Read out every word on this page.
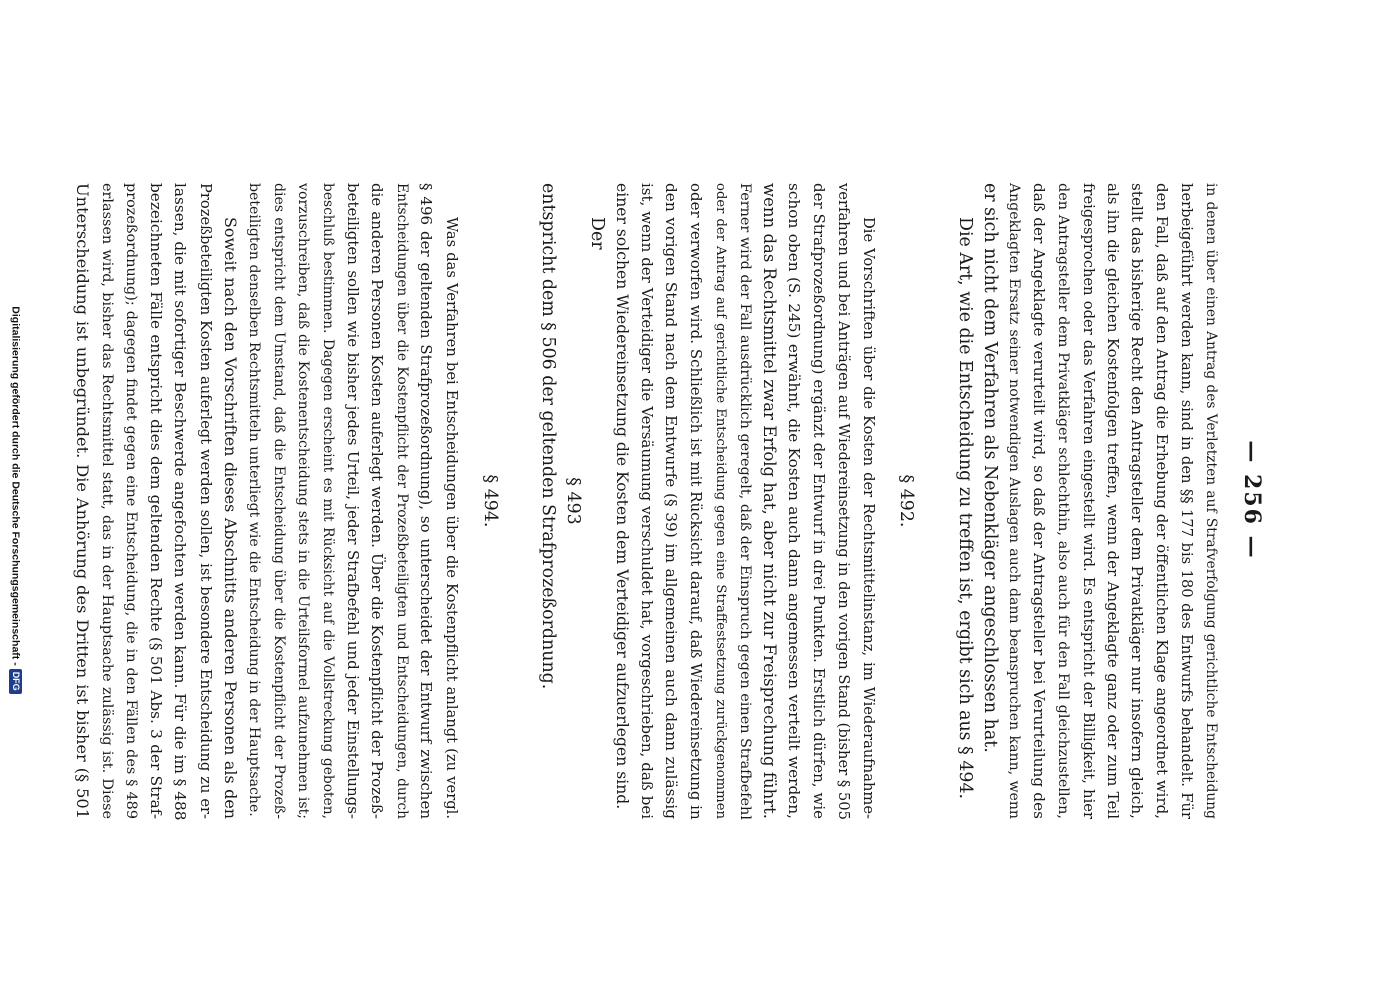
— 256 —
in denen über einen Antrag des Verletzten auf Strafverfolgung gerichtliche Entscheidung
herbeigeführt werden kann, sind in den §§ 177 bis 180 des Entwurfs behandelt. Für
den Fall, daß auf den Antrag die Erhebung der öffentlichen Klage angeordnet wird,
stellt das bisherige Recht den Antragsteller dem Privatkläger nur insofern gleich,
als ihn die gleichen Kostenfolgen treffen, wenn der Angeklagte ganz oder zum Teil
freigesprochen oder das Verfahren eingestellt wird. Es entspricht der Billigkeit, hier
den Antragsteller dem Privatkläger schlechthin, also auch für den Fall gleichzustellen,
daß der Angeklagte verurteilt wird, so daß der Antragsteller bei Verurteilung des
Angeklagten Ersatz seiner notwendigen Auslagen auch dann beanspruchen kann, wenn
er sich nicht dem Verfahren als Nebenkläger angeschlossen hat.
Die Art, wie die Entscheidung zu treffen ist, ergibt sich aus § 494.
§ 492.
Die Vorschriften über die Kosten der Rechtsmittelinstanz, im Wiederaufnahme-
verfahren und bei Anträgen auf Wiedereinsetzung in den vorigen Stand (bisher § 505
der Strafprozeßordnung) ergänzt der Entwurf in drei Punkten. Erstlich dürfen, wie
schon oben (S. 245) erwähnt, die Kosten auch dann angemessen verteilt werden,
wenn das Rechtsmittel zwar Erfolg hat, aber nicht zur Freisprechung führt.
Ferner wird der Fall ausdrücklich geregelt, daß der Einspruch gegen einen Strafbefehl
oder der Antrag auf gerichtliche Entscheidung gegen eine Straffestsetzung zurückgenommen
oder verworfen wird. Schließlich ist mit Rücksicht darauf, daß Wiedereinsetzung in
den vorigen Stand nach dem Entwurfe (§ 39) im allgemeinen auch dann zulässig
ist, wenn der Verteidiger die Versäumung verschuldet hat, vorgeschrieben, daß bei
einer solchen Wiedereinsetzung die Kosten dem Verteidiger aufzuerlegen sind.
Der
§ 493
entspricht dem § 506 der geltenden Strafprozeßordnung.
§ 494.
Was das Verfahren bei Entscheidungen über die Kostenpflicht anlangt (zu vergl.
§ 496 der geltenden Strafprozeßordnung), so unterscheidet der Entwurf zwischen
Entscheidungen über die Kostenpflicht der Prozeßbeteiligten und Entscheidungen, durch
die anderen Personen Kosten auferlegt werden. Über die Kostenpflicht der Prozeß-
beteiligten sollen wie bisher jedes Urteil, jeder Strafbefehl und jeder Einstellungs-
beschluß bestimmen. Dagegen erscheint es mit Rücksicht auf die Vollstreckung geboten,
vorzuschreiben, daß die Kostenentscheidung stets in die Urteilsformel aufzunehmen ist;
dies entspricht dem Umstand, daß die Entscheidung über die Kostenpflicht der Prozeß-
beteiligten denselben Rechtsmitteln unterliegt wie die Entscheidung in der Hauptsache.
Soweit nach den Vorschriften dieses Abschnitts anderen Personen als den
Prozeßbeteiligten Kosten auferlegt werden sollen, ist besondere Entscheidung zu er-
lassen, die mit sofortiger Beschwerde angefochten werden kann. Für die im § 488
bezeichneten Fälle entspricht dies dem geltenden Rechte (§ 501 Abs. 3 der Straf-
prozeßordnung); dagegen findet gegen eine Entscheidung, die in den Fällen des § 489
erlassen wird, bisher das Rechtsmittel statt, das in der Hauptsache zulässig ist. Diese
Unterscheidung ist unbegründet. Die Anhörung des Dritten ist bisher (§ 501
Digitalisierung gefördert durch die Deutsche Forschungsgemeinschaft -DFG
